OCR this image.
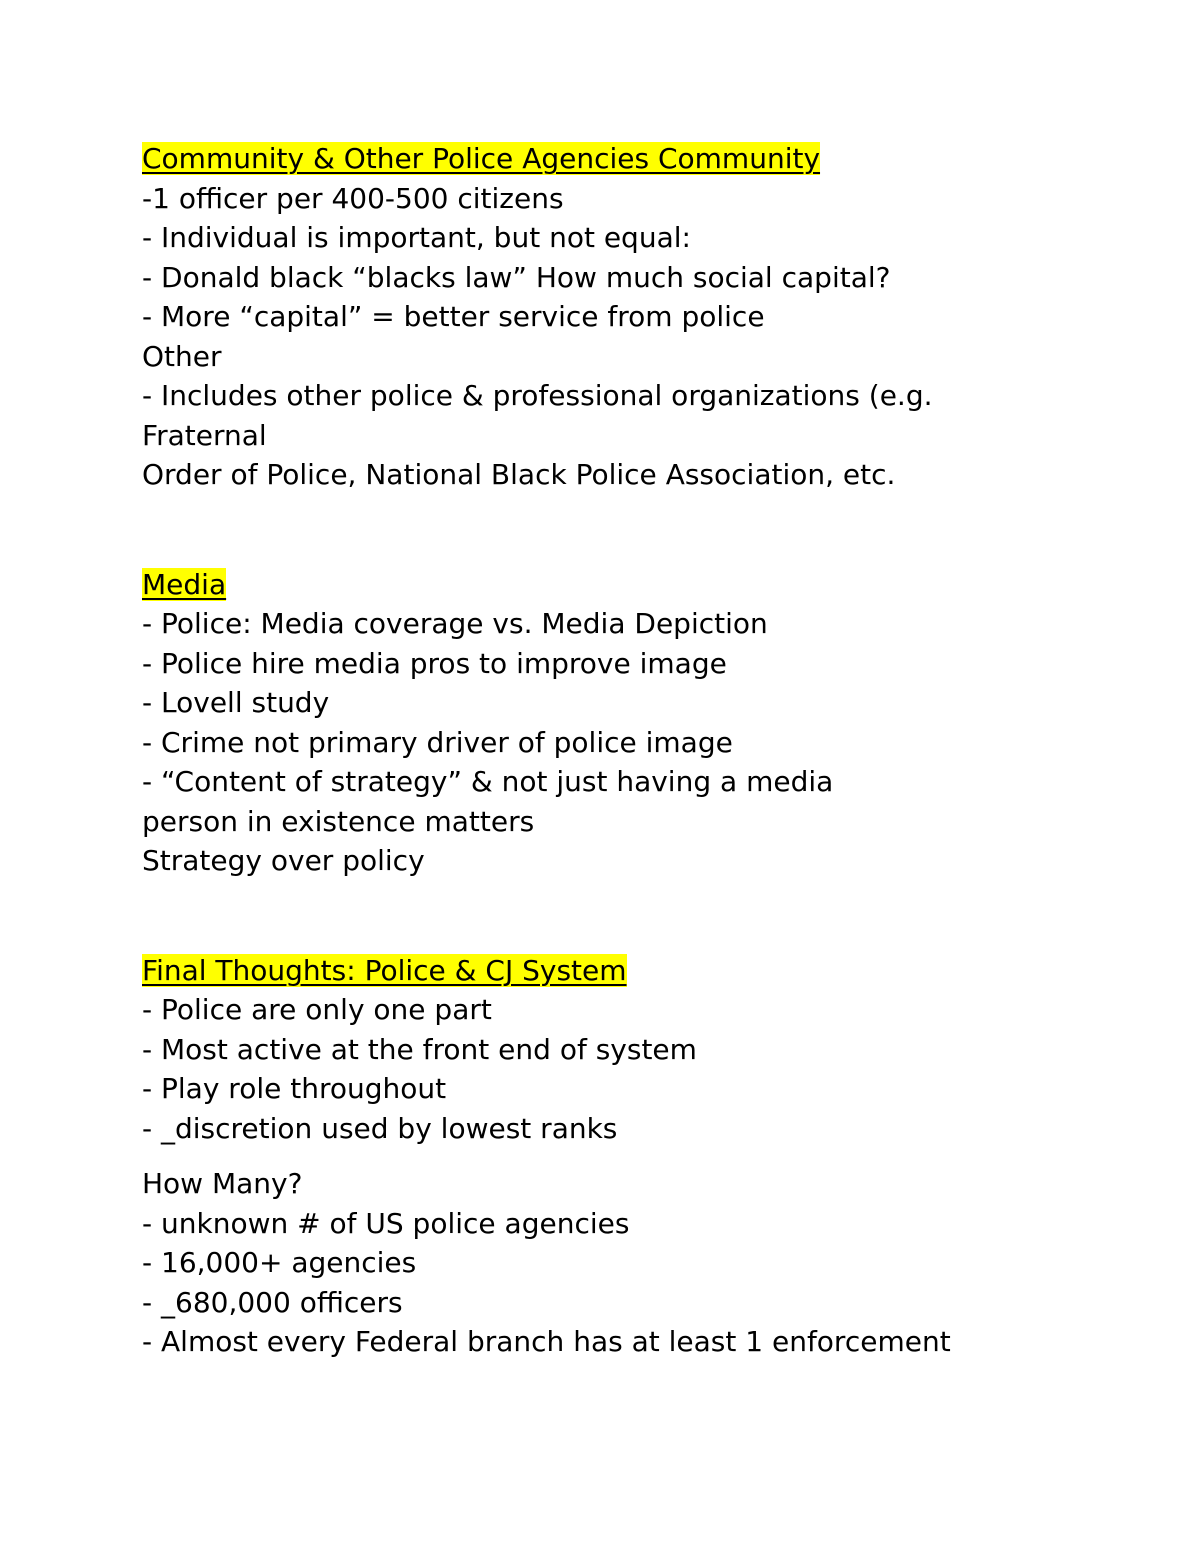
Community & Other Police Agencies Community
-1 officer per 400-500 citizens
- Individual is important, but not equal:
- Donald black “blacks law” How much social capital?
- More “capital” = better service from police
Other
- Includes other police & professional organizations (e.g.
Fraternal
Order of Police, National Black Police Association, etc.
Media
- Police: Media coverage vs. Media Depiction
- Police hire media pros to improve image
- Lovell study
- Crime not primary driver of police image
- “Content of strategy” & not just having a media
person in existence matters
Strategy over policy
Final Thoughts: Police & CJ System
- Police are only one part
- Most active at the front end of system
- Play role throughout
- _discretion used by lowest ranks
How Many?
- unknown # of US police agencies
- 16,000+ agencies
- _680,000 officers
- Almost every Federal branch has at least 1 enforcement
